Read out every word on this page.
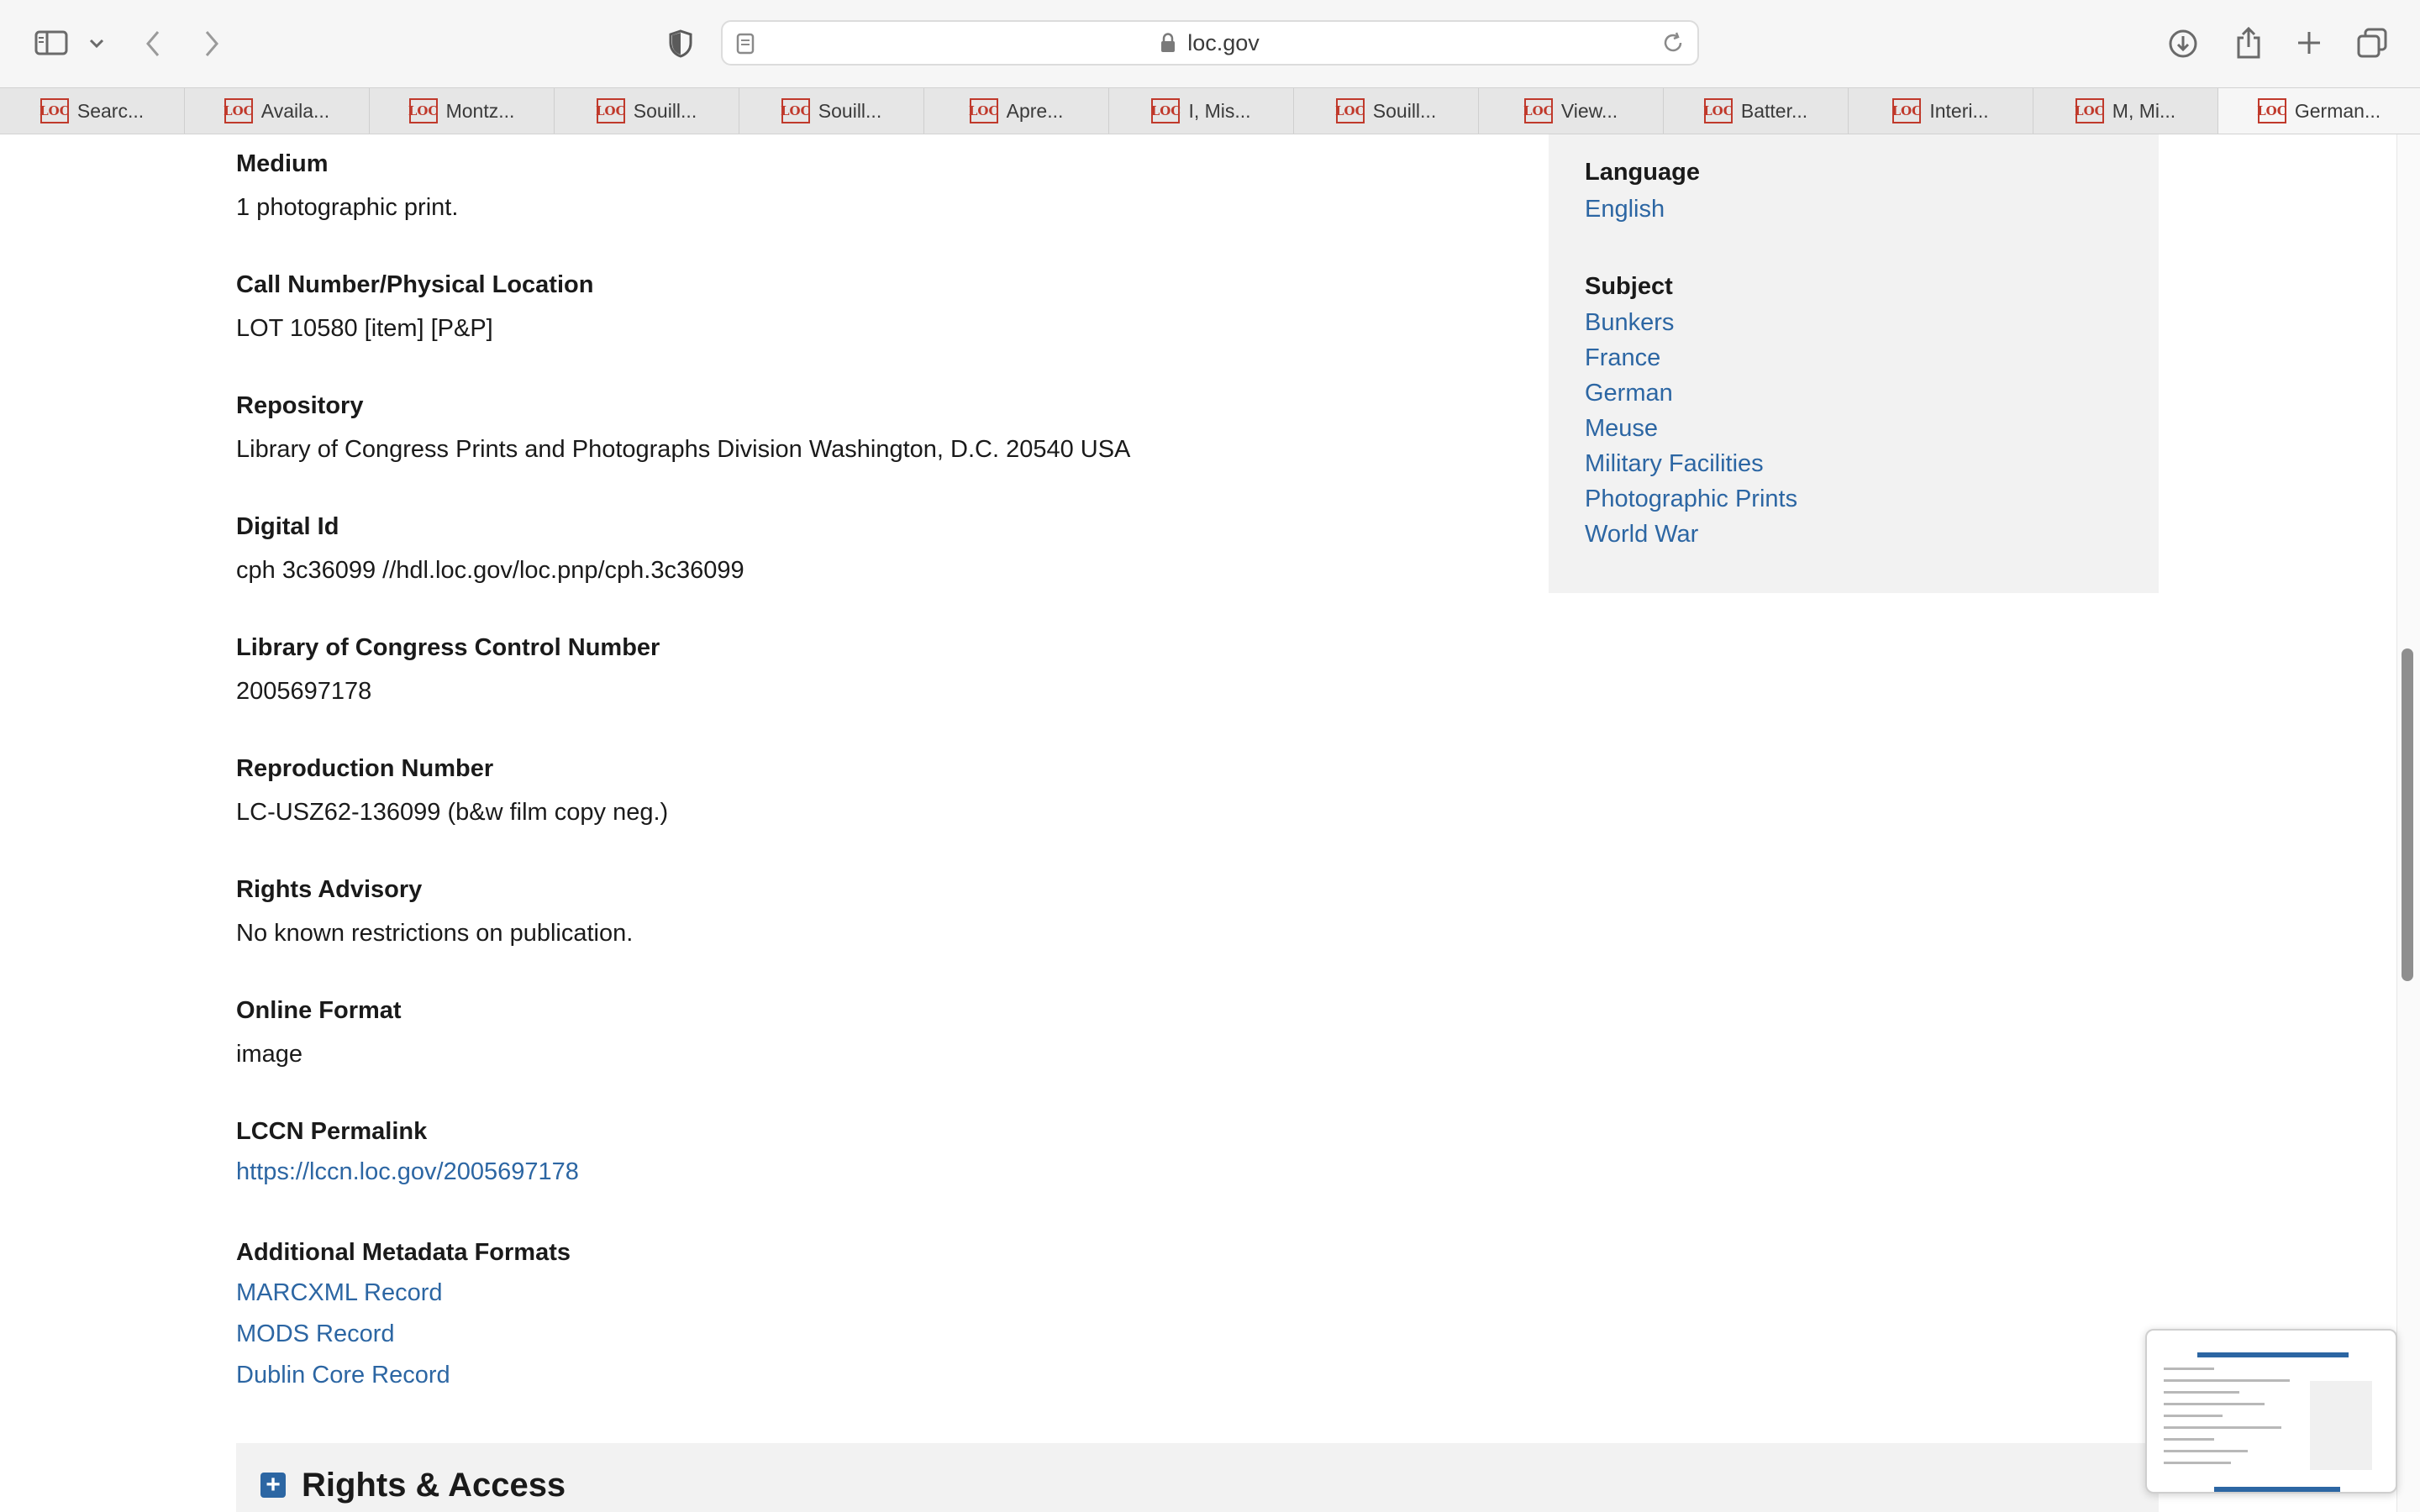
loc.gov
LOC Searc...	LOC Availa...	LOC Montz...	LOC Souill...	LOC Souill...	LOC Apre...	LOC I, Mis...	LOC Souill...	LOC View...	LOC Batter...	LOC Interi...	LOC M, Mi...	LOC German...
Medium
1 photographic print.
Call Number/Physical Location
LOT 10580 [item] [P&P]
Repository
Library of Congress Prints and Photographs Division Washington, D.C. 20540 USA
Digital Id
cph 3c36099 //hdl.loc.gov/loc.pnp/cph.3c36099
Library of Congress Control Number
2005697178
Reproduction Number
LC-USZ62-136099 (b&w film copy neg.)
Rights Advisory
No known restrictions on publication.
Online Format
image
LCCN Permalink
https://lccn.loc.gov/2005697178
Additional Metadata Formats
MARCXML Record
MODS Record
Dublin Core Record
Language
English
Subject
Bunkers
France
German
Meuse
Military Facilities
Photographic Prints
World War
+ Rights & Access
